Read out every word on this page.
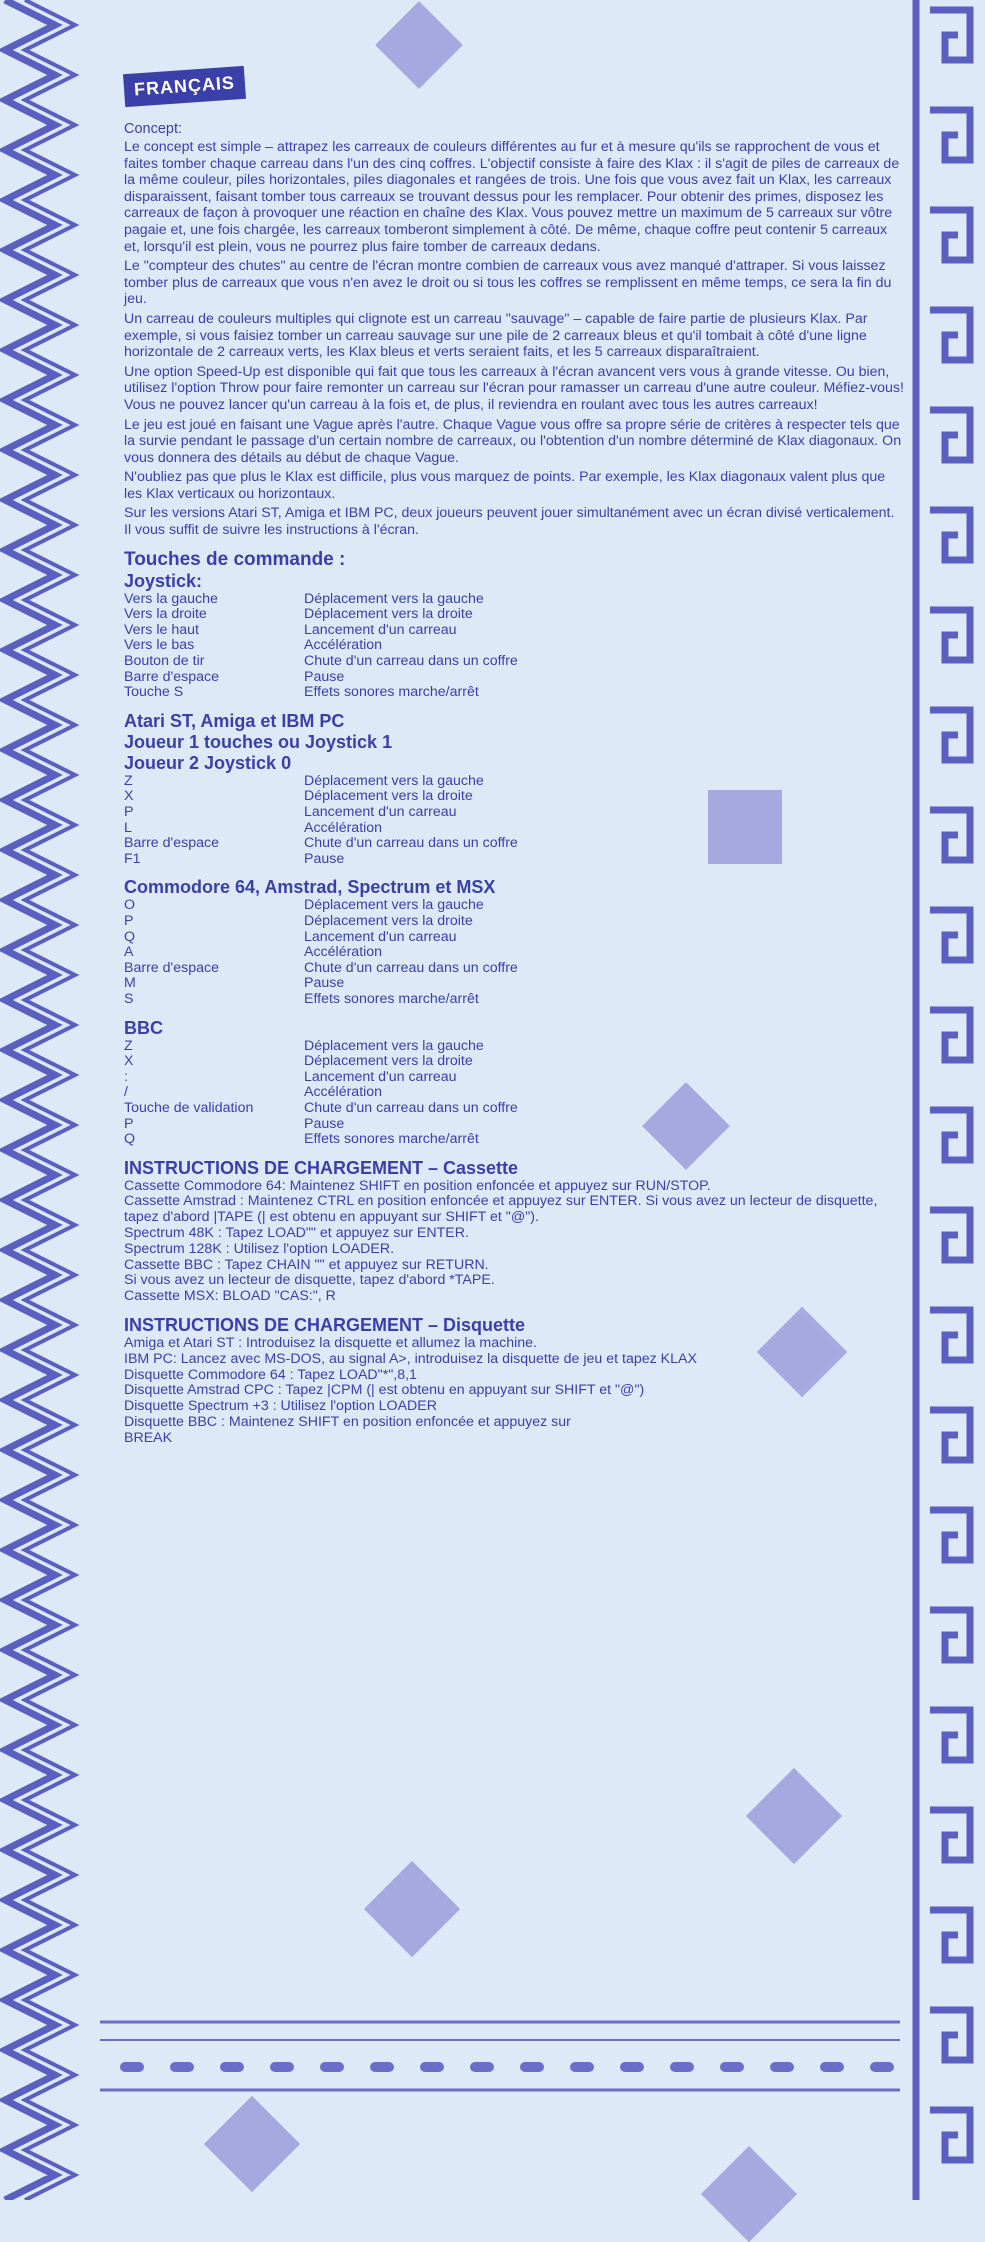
FRANÇAIS
Concept:

Le concept est simple – attrapez les carreaux de couleurs différentes au fur et à mesure qu'ils se rapprochent de vous et faites tomber chaque carreau dans l'un des cinq coffres. L'objectif consiste à faire des Klax : il s'agit de piles de carreaux de la même couleur, piles horizontales, piles diagonales et rangées de trois. Une fois que vous avez fait un Klax, les carreaux disparaissent, faisant tomber tous carreaux se trouvant dessus pour les remplacer. Pour obtenir des primes, disposez les carreaux de façon à provoquer une réaction en chaîne des Klax. Vous pouvez mettre un maximum de 5 carreaux sur vôtre pagaie et, une fois chargée, les carreaux tomberont simplement à côté. De même, chaque coffre peut contenir 5 carreaux et, lorsqu'il est plein, vous ne pourrez plus faire tomber de carreaux dedans.

Le "compteur des chutes" au centre de l'écran montre combien de carreaux vous avez manqué d'attraper. Si vous laissez tomber plus de carreaux que vous n'en avez le droit ou si tous les coffres se remplissent en même temps, ce sera la fin du jeu.

Un carreau de couleurs multiples qui clignote est un carreau "sauvage" – capable de faire partie de plusieurs Klax. Par exemple, si vous faisiez tomber un carreau sauvage sur une pile de 2 carreaux bleus et qu'il tombait à côté d'une ligne horizontale de 2 carreaux verts, les Klax bleus et verts seraient faits, et les 5 carreaux disparaîtraient.

Une option Speed-Up est disponible qui fait que tous les carreaux à l'écran avancent vers vous à grande vitesse. Ou bien, utilisez l'option Throw pour faire remonter un carreau sur l'écran pour ramasser un carreau d'une autre couleur. Méfiez-vous! Vous ne pouvez lancer qu'un carreau à la fois et, de plus, il reviendra en roulant avec tous les autres carreaux!

Le jeu est joué en faisant une Vague après l'autre. Chaque Vague vous offre sa propre série de critères à respecter tels que la survie pendant le passage d'un certain nombre de carreaux, ou l'obtention d'un nombre déterminé de Klax diagonaux. On vous donnera des détails au début de chaque Vague.

N'oubliez pas que plus le Klax est difficile, plus vous marquez de points. Par exemple, les Klax diagonaux valent plus que les Klax verticaux ou horizontaux.

Sur les versions Atari ST, Amiga et IBM PC, deux joueurs peuvent jouer simultanément avec un écran divisé verticalement. Il vous suffit de suivre les instructions à l'écran.

Touches de commande :
Joystick:
Vers la gauche	Déplacement vers la gauche
Vers la droite	Déplacement vers la droite
Vers le haut	Lancement d'un carreau
Vers le bas	Accélération
Bouton de tir	Chute d'un carreau dans un coffre
Barre d'espace	Pause
Touche S	Effets sonores marche/arrêt
Atari ST, Amiga et IBM PC
Joueur 1 touches ou Joystick 1
Joueur 2 Joystick 0
Z	Déplacement vers la gauche
X	Déplacement vers la droite
P	Lancement d'un carreau
L	Accélération
Barre d'espace	Chute d'un carreau dans un coffre
F1	Pause
Commodore 64, Amstrad, Spectrum et MSX
O	Déplacement vers la gauche
P	Déplacement vers la droite
Q	Lancement d'un carreau
A	Accélération
Barre d'espace	Chute d'un carreau dans un coffre
M	Pause
S	Effets sonores marche/arrêt
BBC
Z	Déplacement vers la gauche
X	Déplacement vers la droite
:	Lancement d'un carreau
/	Accélération
Touche de validation	Chute d'un carreau dans un coffre
P	Pause
Q	Effets sonores marche/arrêt
INSTRUCTIONS DE CHARGEMENT – Cassette

Cassette Commodore 64: Maintenez SHIFT en position enfoncée et appuyez sur RUN/STOP.

Cassette Amstrad : Maintenez CTRL en position enfoncée et appuyez sur ENTER. Si vous avez un lecteur de disquette, tapez d'abord |TAPE (| est obtenu en appuyant sur SHIFT et "@").

Spectrum 48K : Tapez LOAD"" et appuyez sur ENTER.

Spectrum 128K : Utilisez l'option LOADER.

Cassette BBC : Tapez CHAIN "" et appuyez sur RETURN.

Si vous avez un lecteur de disquette, tapez d'abord *TAPE.

Cassette MSX: BLOAD "CAS:", R

INSTRUCTIONS DE CHARGEMENT – Disquette

Amiga et Atari ST : Introduisez la disquette et allumez la machine.

IBM PC: Lancez avec MS-DOS, au signal A>, introduisez la disquette de jeu et tapez KLAX

Disquette Commodore 64 : Tapez LOAD"*",8,1

Disquette Amstrad CPC : Tapez |CPM (| est obtenu en appuyant sur SHIFT et "@")

Disquette Spectrum +3 : Utilisez l'option LOADER

Disquette BBC : Maintenez SHIFT en position enfoncée et appuyez sur BREAK
